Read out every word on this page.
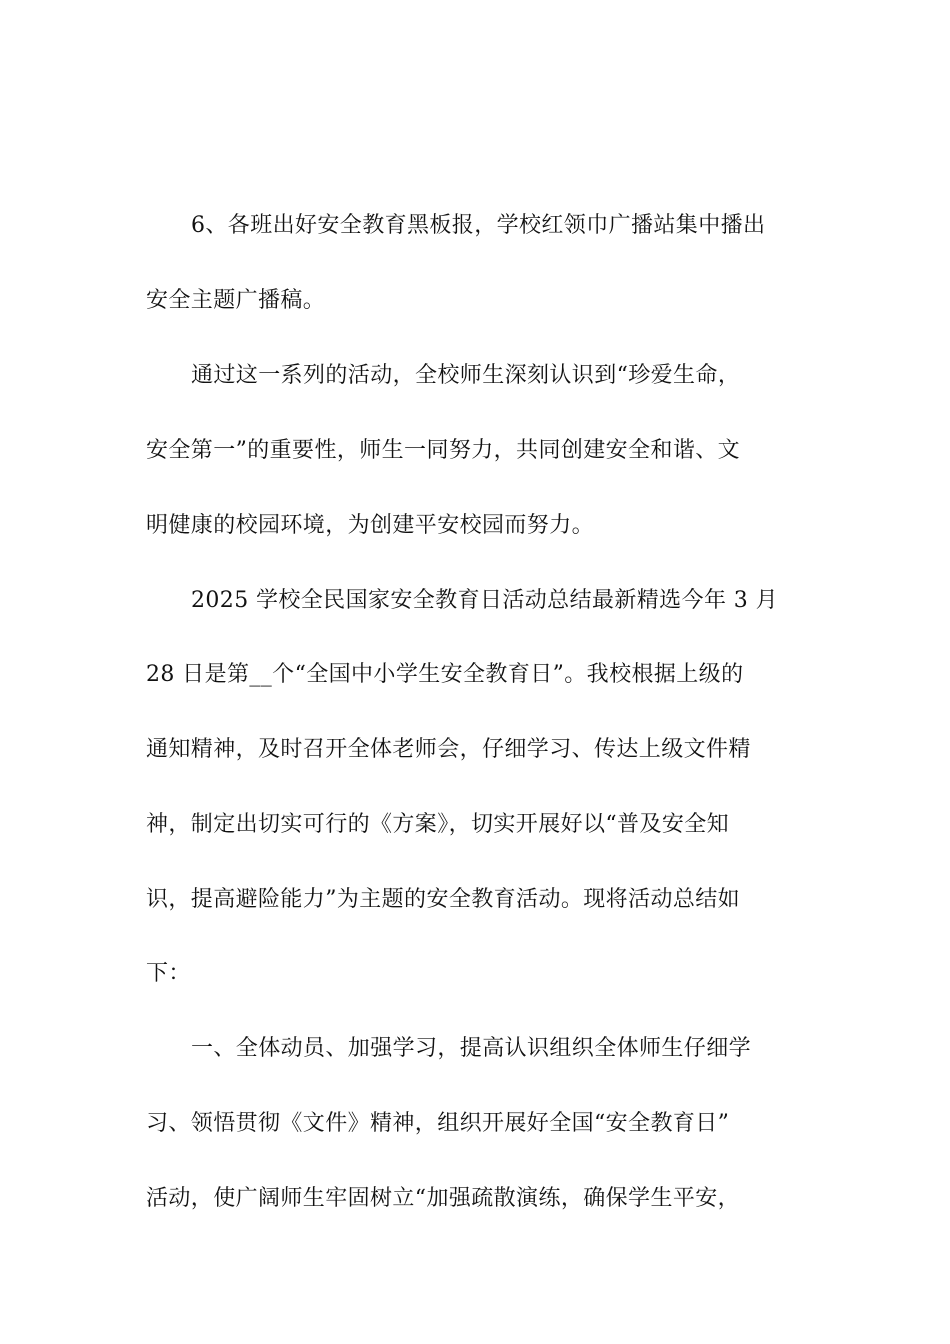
6、各班出好安全教育黑板报，学校红领巾广播站集中播出
安全主题广播稿。
通过这一系列的活动，全校师生深刻认识到“珍爱生命，
安全第一”的重要性，师生一同努力，共同创建安全和谐、文
明健康的校园环境，为创建平安校园而努力。
2025 学校全民国家安全教育日活动总结最新精选今年 3 月
28 日是第__个“全国中小学生安全教育日”。我校根据上级的
通知精神，及时召开全体老师会，仔细学习、传达上级文件精
神，制定出切实可行的《方案》，切实开展好以“普及安全知
识，提高避险能力”为主题的安全教育活动。现将活动总结如
下：
一、全体动员、加强学习，提高认识组织全体师生仔细学
习、领悟贯彻《文件》精神，组织开展好全国“安全教育日”
活动，使广阔师生牢固树立“加强疏散演练，确保学生平安，
